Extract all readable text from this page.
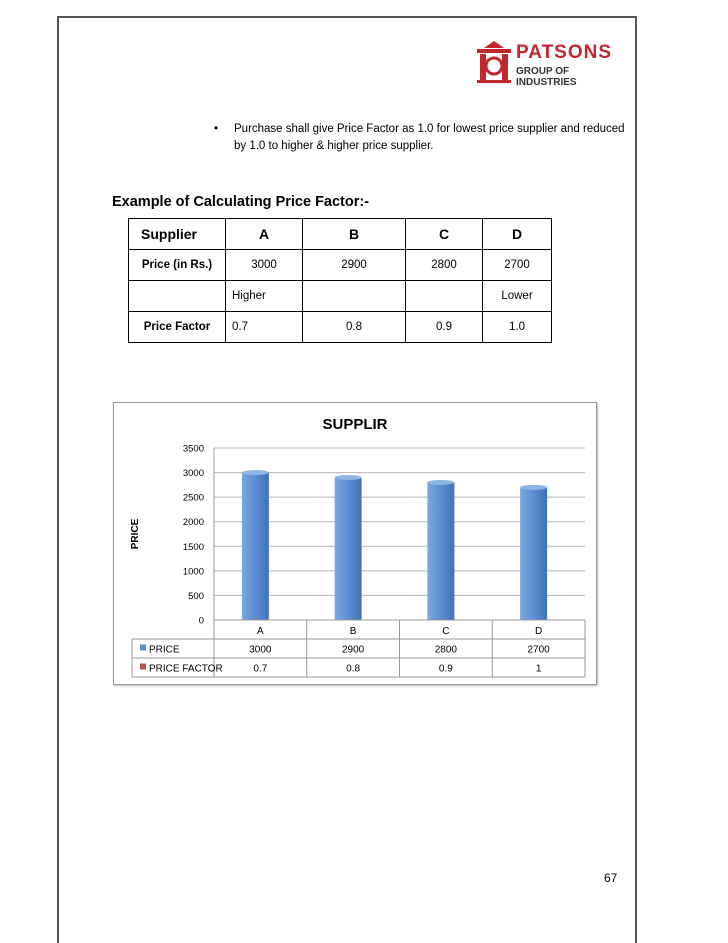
PATSONS
GROUP OF INDUSTRIES
• Purchase shall give Price Factor as 1.0 for lowest price supplier and reduced by 1.0 to higher & higher price supplier.
Example of Calculating Price Factor:-
Supplier	A	B	C	D
Price (in Rs.)	3000	2900	2800	2700
	Higher			Lower
Price Factor	0.7	0.8	0.9	1.0
SUPPLIR
PRICE
0
500
1000
1500
2000
2500
3000
3500
A	B	C	D
PRICE	3000	2900	2800	2700
PRICE FACTOR	0.7	0.8	0.9	1
67
